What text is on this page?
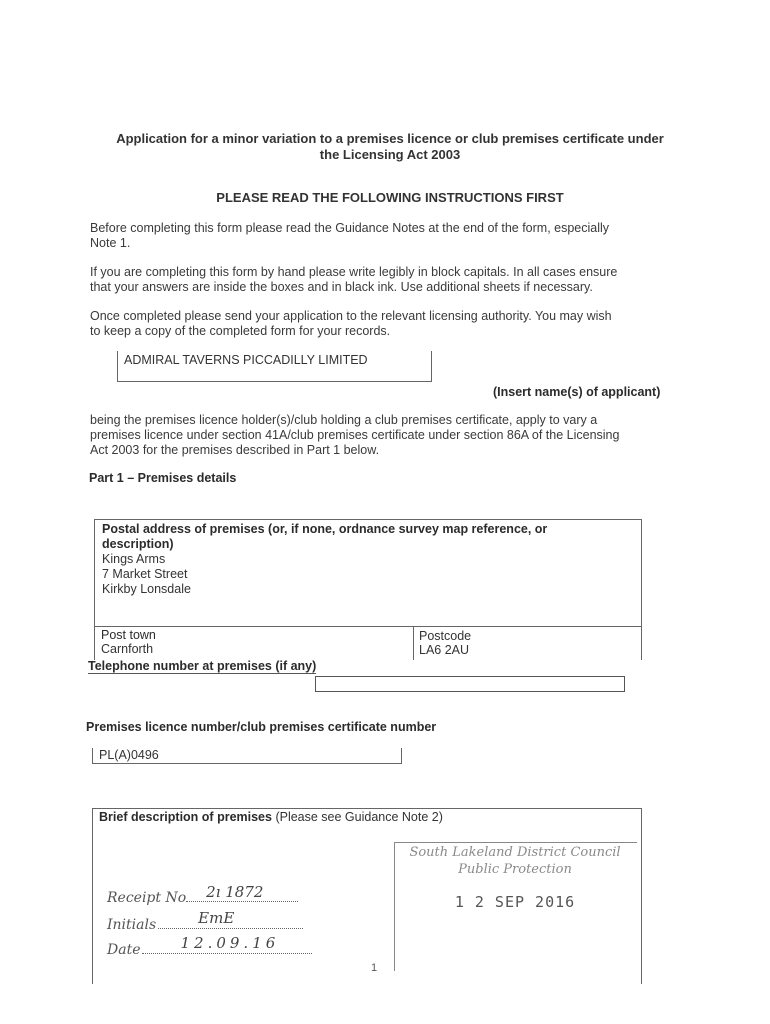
Application for a minor variation to a premises licence or club premises certificate under
the Licensing Act 2003
PLEASE READ THE FOLLOWING INSTRUCTIONS FIRST
Before completing this form please read the Guidance Notes at the end of the form, especially
Note 1.
If you are completing this form by hand please write legibly in block capitals. In all cases ensure
that your answers are inside the boxes and in black ink. Use additional sheets if necessary.
Once completed please send your application to the relevant licensing authority. You may wish
to keep a copy of the completed form for your records.
ADMIRAL TAVERNS PICCADILLY LIMITED
(Insert name(s) of applicant)
being the premises licence holder(s)/club holding a club premises certificate, apply to vary a
premises licence under section 41A/club premises certificate under section 86A of the Licensing
Act 2003 for the premises described in Part 1 below.
Part 1 – Premises details
Postal address of premises (or, if none, ordnance survey map reference, or
description)
Kings Arms
7 Market Street
Kirkby Lonsdale
Post town
Carnforth
Postcode
LA6 2AU
Telephone number at premises (if any)
Premises licence number/club premises certificate number
PL(A)0496
Brief description of premises (Please see Guidance Note 2)
South Lakeland District Council
Public Protection
1 2 SEP 2016
Receipt No 2ı 1872
Initials	EmE
Date	12.09.16
1
